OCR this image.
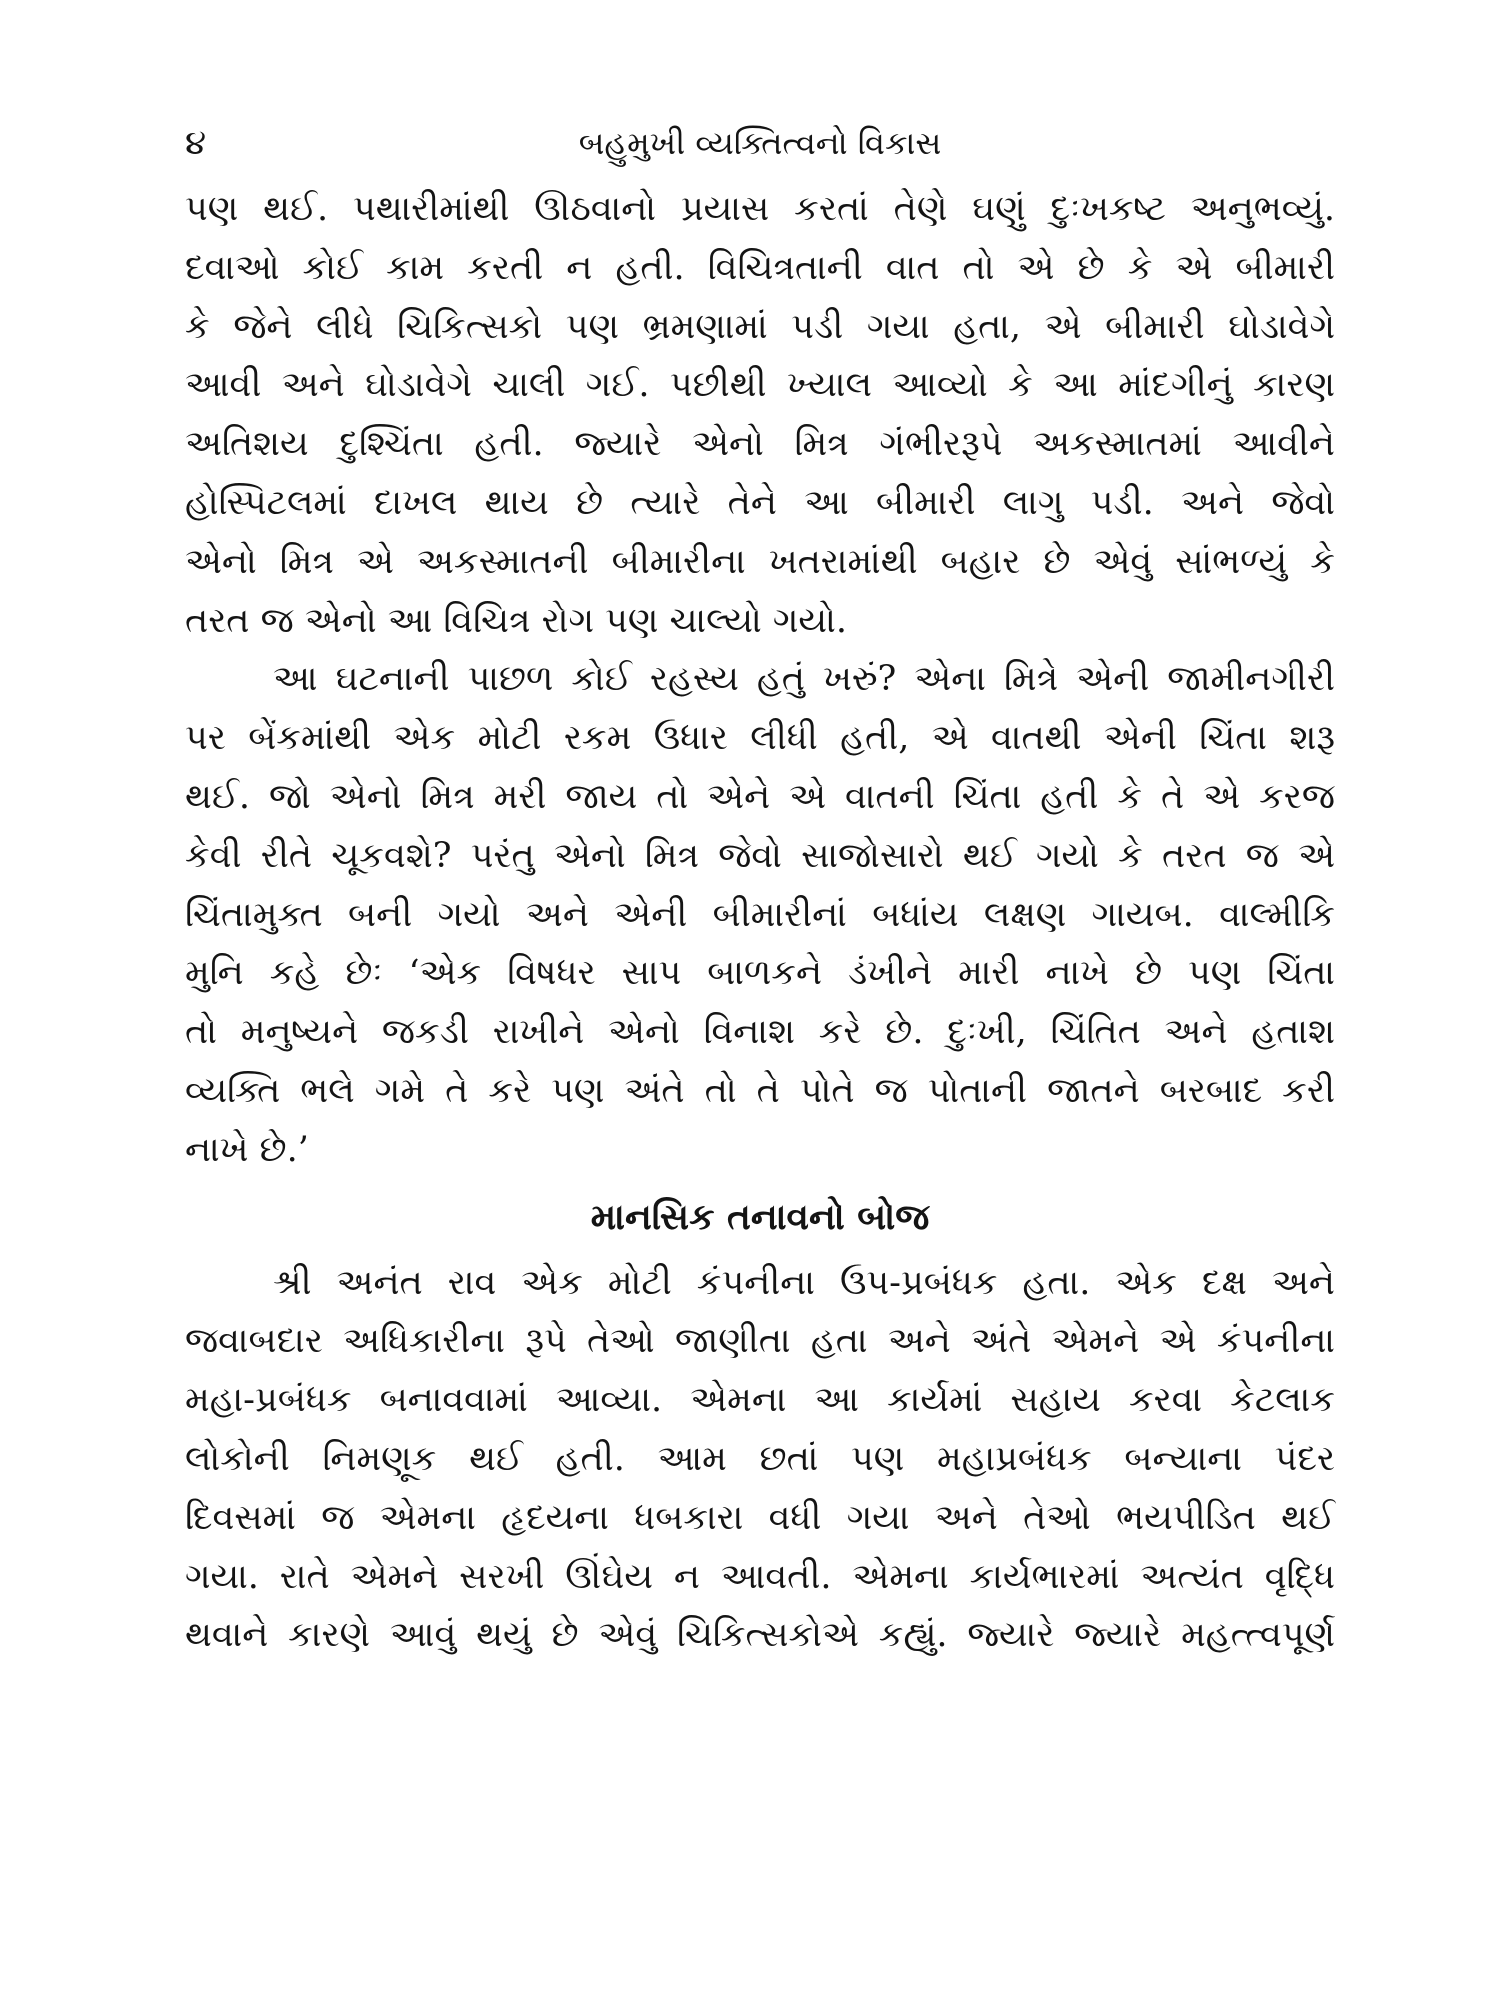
૪	બહુમુખી વ્યક્તિત્વનો વિકાસ

પણ થઈ. પથારીમાંથી ઊઠવાનો પ્રયાસ કરતાં તેણે ઘણું દુઃખકષ્ટ અનુભવ્યું.
દવાઓ કોઈ કામ કરતી ન હતી. વિચિત્રતાની વાત તો એ છે કે એ બીમારી
કે જેને લીધે ચિકિત્સકો પણ ભ્રમણામાં પડી ગયા હતા, એ બીમારી ઘોડાવેગે
આવી અને ઘોડાવેગે ચાલી ગઈ. પછીથી ખ્યાલ આવ્યો કે આ માંદગીનું કારણ
અતિશય દુશ્ચિંતા હતી. જ્યારે એનો મિત્ર ગંભીરરૂપે અકસ્માતમાં આવીને
હોસ્પિટલમાં દાખલ થાય છે ત્યારે તેને આ બીમારી લાગુ પડી. અને જેવો
એનો મિત્ર એ અકસ્માતની બીમારીના ખતરામાંથી બહાર છે એવું સાંભળ્યું કે
તરત જ એનો આ વિચિત્ર રોગ પણ ચાલ્યો ગયો.

આ ઘટનાની પાછળ કોઈ રહસ્ય હતું ખરું? એના મિત્રે એની જામીનગીરી
પર બેંકમાંથી એક મોટી રકમ ઉધાર લીધી હતી, એ વાતથી એની ચિંતા શરૂ
થઈ. જો એનો મિત્ર મરી જાય તો એને એ વાતની ચિંતા હતી કે તે એ કરજ
કેવી રીતે ચૂકવશે? પરંતુ એનો મિત્ર જેવો સાજોસારો થઈ ગયો કે તરત જ એ
ચિંતામુક્ત બની ગયો અને એની બીમારીનાં બધાંય લક્ષણ ગાયબ. વાલ્મીકિ
મુનિ કહે છેઃ ‘એક વિષધર સાપ બાળકને ડંખીને મારી નાખે છે પણ ચિંતા
તો મનુષ્યને જકડી રાખીને એનો વિનાશ કરે છે. દુઃખી, ચિંતિત અને હતાશ
વ્યક્તિ ભલે ગમે તે કરે પણ અંતે તો તે પોતે જ પોતાની જાતને બરબાદ કરી
નાખે છે.’

માનસિક તનાવનો બોજ

શ્રી અનંત રાવ એક મોટી કંપનીના ઉપ-પ્રબંધક હતા. એક દક્ષ અને
જવાબદાર અધિકારીના રૂપે તેઓ જાણીતા હતા અને અંતે એમને એ કંપનીના
મહા-પ્રબંધક બનાવવામાં આવ્યા. એમના આ કાર્યમાં સહાય કરવા કેટલાક
લોકોની નિમણૂક થઈ હતી. આમ છતાં પણ મહાપ્રબંધક બન્યાના પંદર
દિવસમાં જ એમના હૃદયના ધબકારા વધી ગયા અને તેઓ ભયપીડિત થઈ
ગયા. રાતે એમને સરખી ઊંઘેય ન આવતી. એમના કાર્યભારમાં અત્યંત વૃદ્ધિ
થવાને કારણે આવું થયું છે એવું ચિકિત્સકોએ કહ્યું. જ્યારે જ્યારે મહત્ત્વપૂર્ણ
